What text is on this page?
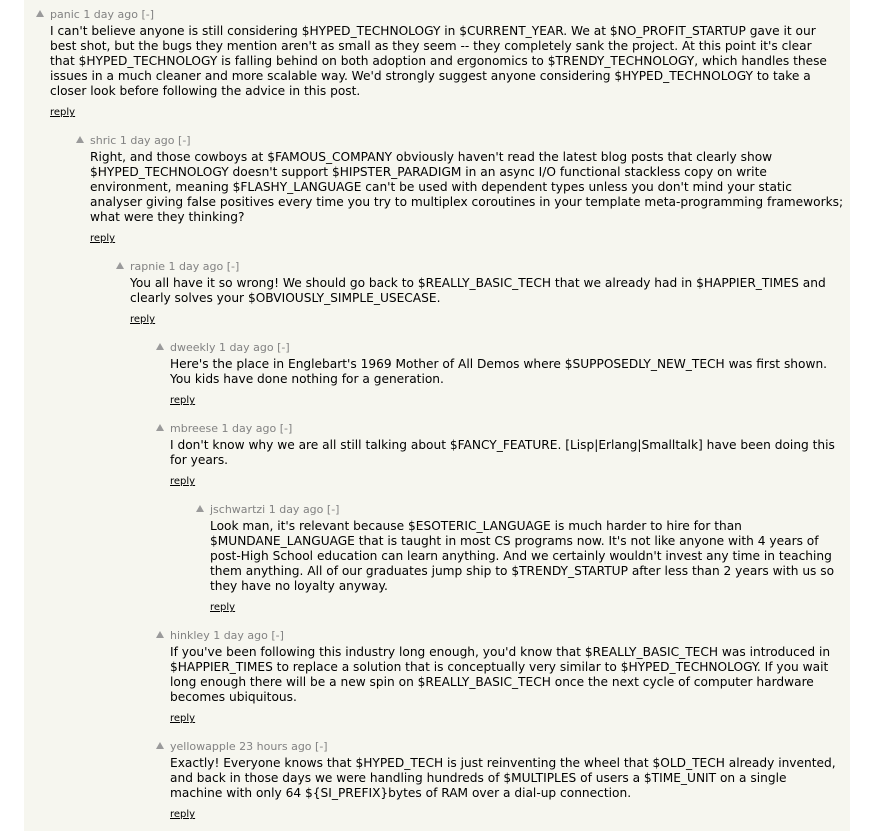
panic 1 day ago [-]
I can't believe anyone is still considering $HYPED_TECHNOLOGY in $CURRENT_YEAR. We at $NO_PROFIT_STARTUP gave it our best shot, but the bugs they mention aren't as small as they seem -- they completely sank the project. At this point it's clear that $HYPED_TECHNOLOGY is falling behind on both adoption and ergonomics to $TRENDY_TECHNOLOGY, which handles these issues in a much cleaner and more scalable way. We'd strongly suggest anyone considering $HYPED_TECHNOLOGY to take a closer look before following the advice in this post.
reply
shric 1 day ago [-]
Right, and those cowboys at $FAMOUS_COMPANY obviously haven't read the latest blog posts that clearly show $HYPED_TECHNOLOGY doesn't support $HIPSTER_PARADIGM in an async I/O functional stackless copy on write environment, meaning $FLASHY_LANGUAGE can't be used with dependent types unless you don't mind your static analyser giving false positives every time you try to multiplex coroutines in your template meta-programming frameworks; what were they thinking?
reply
rapnie 1 day ago [-]
You all have it so wrong! We should go back to $REALLY_BASIC_TECH that we already had in $HAPPIER_TIMES and clearly solves your $OBVIOUSLY_SIMPLE_USECASE.
reply
dweekly 1 day ago [-]
Here's the place in Englebart's 1969 Mother of All Demos where $SUPPOSEDLY_NEW_TECH was first shown. You kids have done nothing for a generation.
reply
mbreese 1 day ago [-]
I don't know why we are all still talking about $FANCY_FEATURE. [Lisp|Erlang|Smalltalk] have been doing this for years.
reply
jschwartzi 1 day ago [-]
Look man, it's relevant because $ESOTERIC_LANGUAGE is much harder to hire for than $MUNDANE_LANGUAGE that is taught in most CS programs now. It's not like anyone with 4 years of post-High School education can learn anything. And we certainly wouldn't invest any time in teaching them anything. All of our graduates jump ship to $TRENDY_STARTUP after less than 2 years with us so they have no loyalty anyway.
reply
hinkley 1 day ago [-]
If you've been following this industry long enough, you'd know that $REALLY_BASIC_TECH was introduced in $HAPPIER_TIMES to replace a solution that is conceptually very similar to $HYPED_TECHNOLOGY. If you wait long enough there will be a new spin on $REALLY_BASIC_TECH once the next cycle of computer hardware becomes ubiquitous.
reply
yellowapple 23 hours ago [-]
Exactly! Everyone knows that $HYPED_TECH is just reinventing the wheel that $OLD_TECH already invented, and back in those days we were handling hundreds of $MULTIPLES of users a $TIME_UNIT on a single machine with only 64 ${SI_PREFIX}bytes of RAM over a dial-up connection.
reply
